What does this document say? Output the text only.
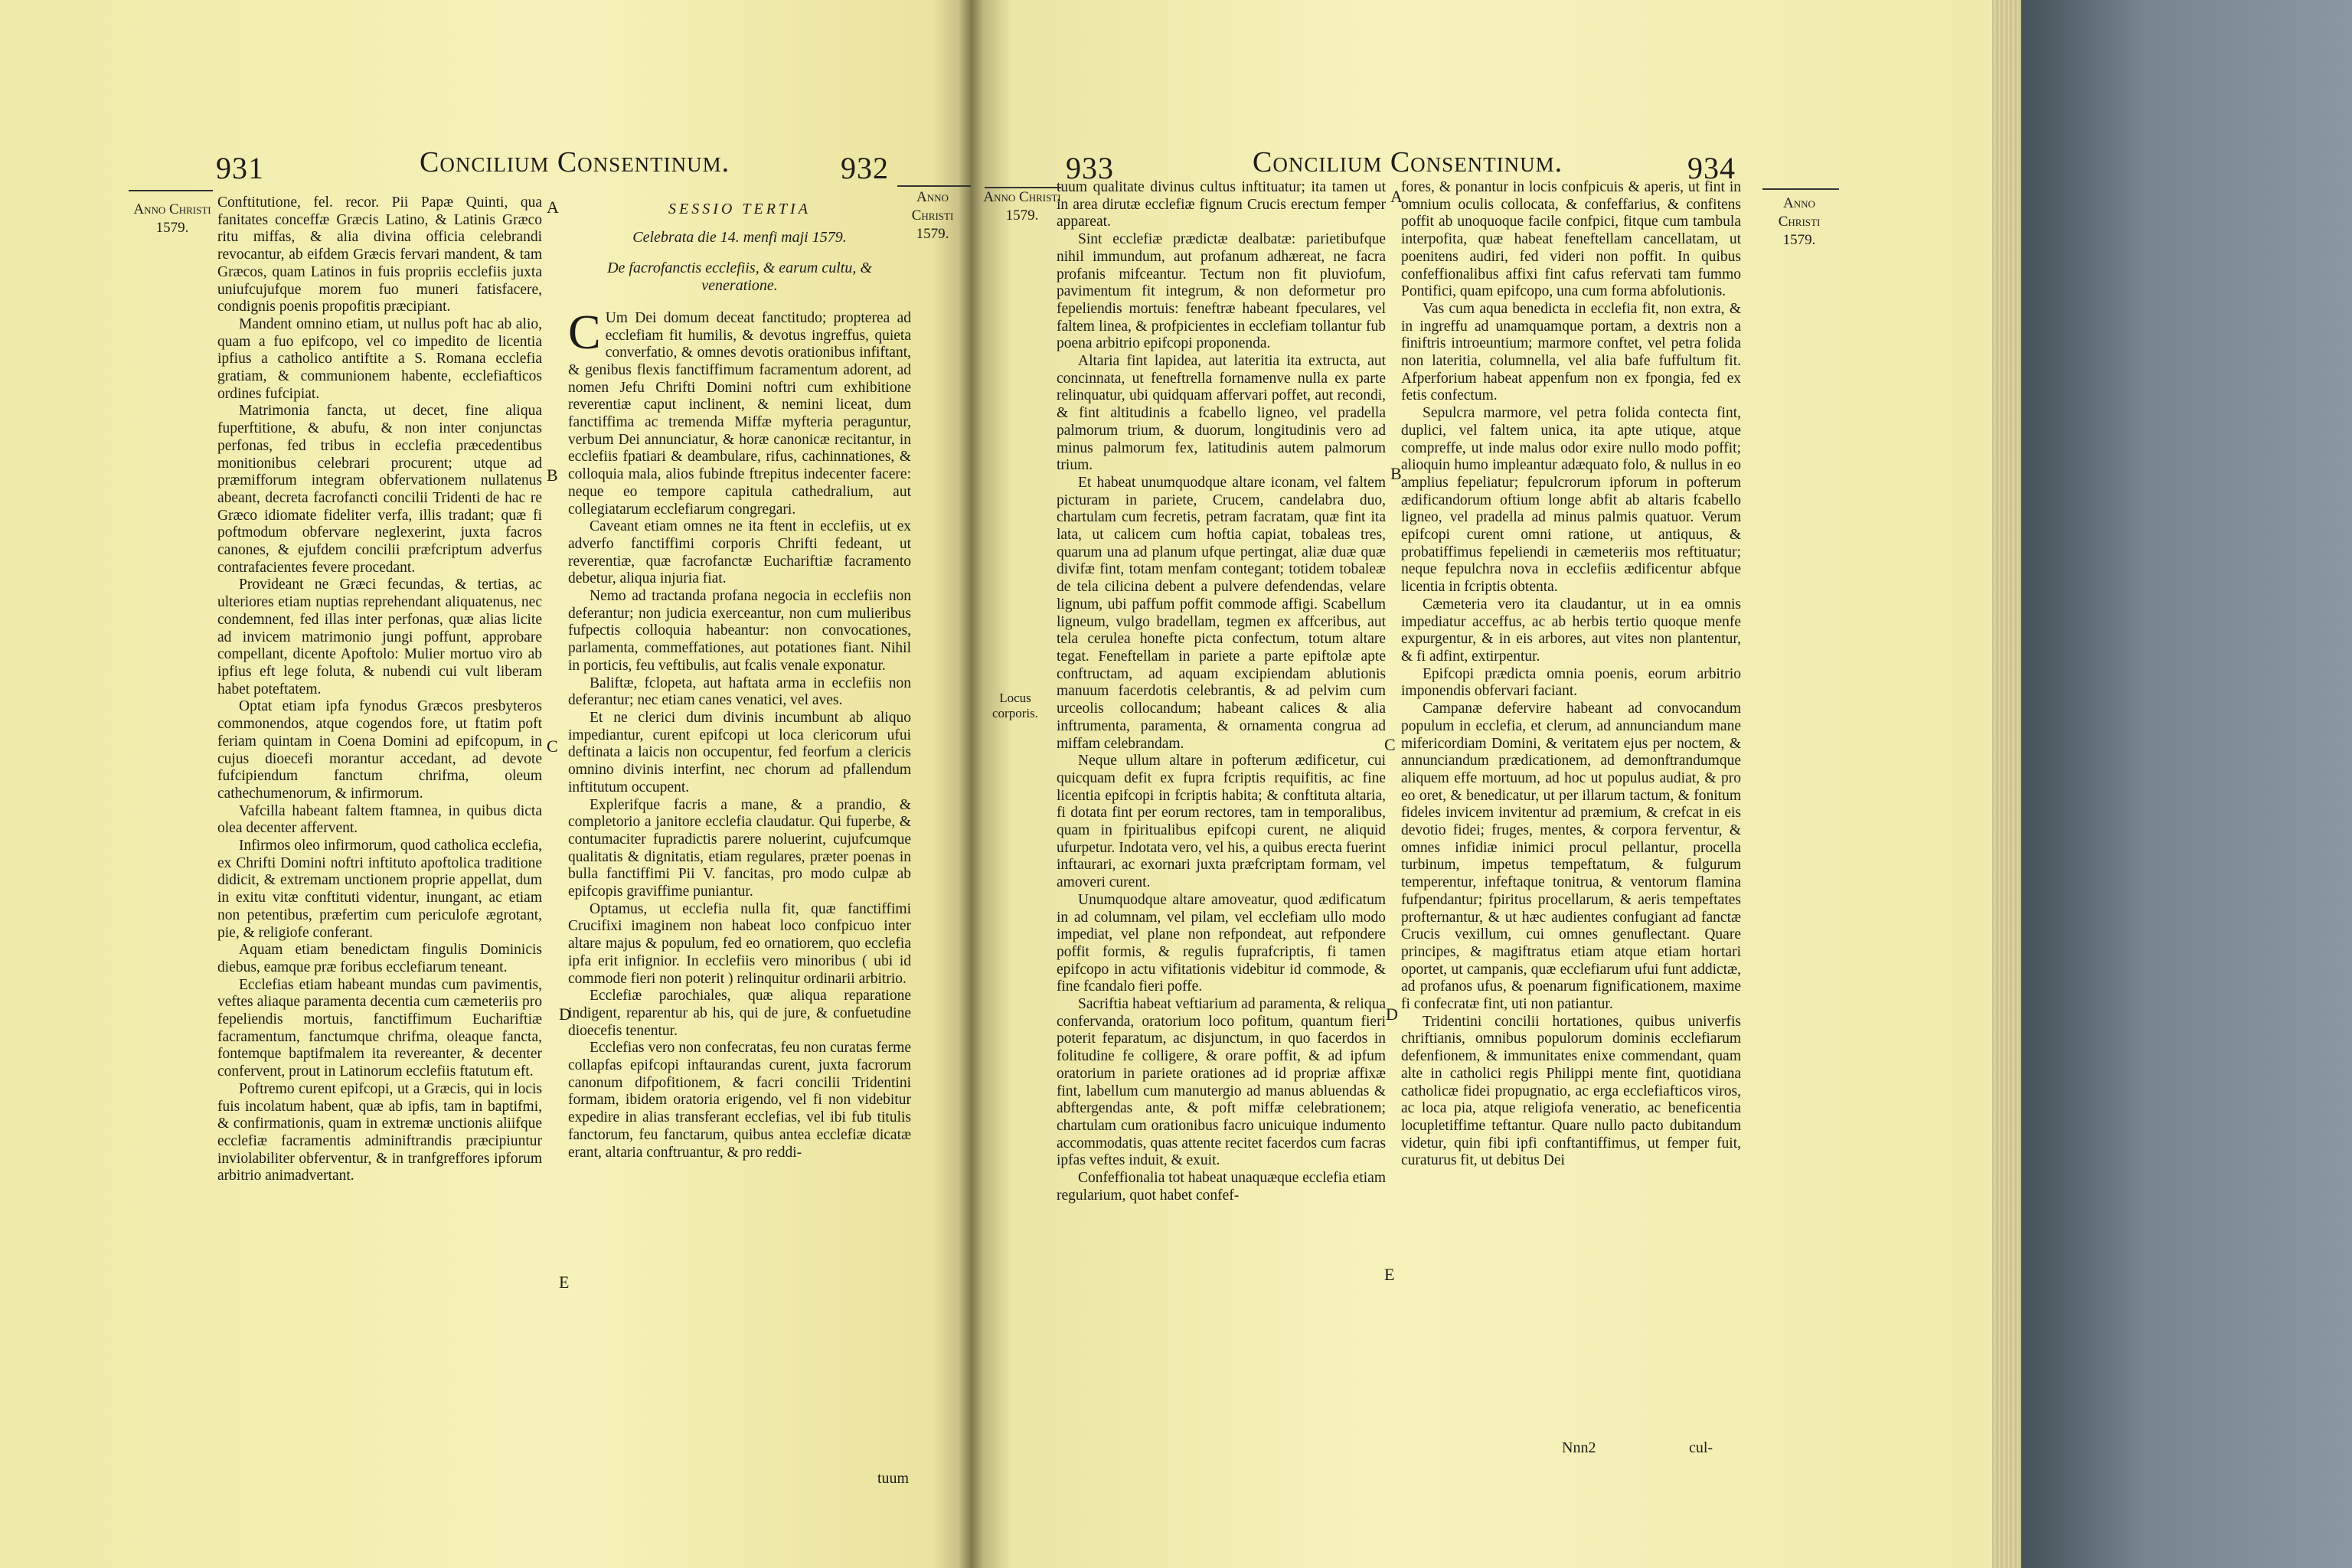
931	Concilium Consentinum.	932
Anno Christi 1579.
Anno Christi 1579.

Conftitutione, fel. recor. Pii Papæ Quinti, qua fanitates conceffæ Græcis Latino, & Latinis Græco ritu miffas, & alia divina officia celebrandi revocantur, ab eifdem Græcis fervari mandent, & tam Græcos, quam Latinos in fuis propriis ecclefiis juxta uniufcujufque morem fuo muneri fatisfacere, condignis poenis propofitis præcipiant.

Mandent omnino etiam, ut nullus poft hac ab alio, quam a fuo epifcopo, vel co impedito de licentia ipfius a catholico antiftite a S. Romana ecclefia gratiam, & communionem habente, ecclefiafticos ordines fufcipiat.

Matrimonia fancta, ut decet, fine aliqua fuperftitione, & abufu, & non inter conjunctas perfonas, fed tribus in ecclefia præcedentibus monitionibus celebrari procurent; utque ad præmifforum integram obfervationem nullatenus abeant, decreta facrofancti concilii Tridenti de hac re Græco idiomate fideliter verfa, illis tradant; quæ fi poftmodum obfervare neglexerint, juxta facros canones, & ejufdem concilii præfcriptum adverfus contrafacientes fevere procedant.

Provideant ne Græci fecundas, & tertias, ac ulteriores etiam nuptias reprehendant aliquatenus, nec condemnent, fed illas inter perfonas, quæ alias licite ad invicem matrimonio jungi poffunt, approbare compellant, dicente Apoftolo: Mulier mortuo viro ab ipfius eft lege foluta, & nubendi cui vult liberam habet poteftatem.

Optat etiam ipfa fynodus Græcos presbyteros commonendos, atque cogendos fore, ut ftatim poft feriam quintam in Coena Domini ad epifcopum, in cujus dioecefi morantur accedant, ad devote fufcipiendum fanctum chrifma, oleum cathechumenorum, & infirmorum.

Vafcilla habeant faltem ftamnea, in quibus dicta olea decenter affervent.

Infirmos oleo infirmorum, quod catholica ecclefia, ex Chrifti Domini noftri inftituto apoftolica traditione didicit, & extremam unctionem proprie appellat, dum in exitu vitæ conftituti videntur, inungant, ac etiam non petentibus, præfertim cum periculofe ægrotant, pie, & religiofe conferant.

Aquam etiam benedictam fingulis Dominicis diebus, eamque præ foribus ecclefiarum teneant.

Ecclefias etiam habeant mundas cum pavimentis, veftes aliaque paramenta decentia cum cæmeteriis pro fepeliendis mortuis, fanctiffimum Euchariftiæ facramentum, fanctumque chrifma, oleaque fancta, fontemque baptifmalem ita revereanter, & decenter confervent, prout in Latinorum ecclefiis ftatutum eft.

Poftremo curent epifcopi, ut a Græcis, qui in locis fuis incolatum habent, quæ ab ipfis, tam in baptifmi, & confirmationis, quam in extremæ unctionis aliifque ecclefiæ facramentis adminiftrandis præcipiuntur inviolabiliter obferventur, & in tranfgreffores ipforum arbitrio animadvertant.

A
B
C
D
E
SESSIO TERTIA
Celebrata die 14. menfi maji 1579.
De facrofanctis ecclefiis, & earum cultu, & veneratione.

C Um Dei domum deceat fanctitudo; propterea ad ecclefiam fit humilis, & devotus ingreffus, quieta converfatio, & omnes devotis orationibus infiftant, & genibus flexis fanctiffimum facramentum adorent, ad nomen Jefu Chrifti Domini noftri cum exhibitione reverentiæ caput inclinent, & nemini liceat, dum fanctiffima ac tremenda Miffæ myfteria peraguntur, verbum Dei annunciatur, & horæ canonicæ recitantur, in ecclefiis fpatiari & deambulare, rifus, cachinnationes, & colloquia mala, alios fubinde ftrepitus indecenter facere: neque eo tempore capitula cathedralium, aut collegiatarum ecclefiarum congregari.

Caveant etiam omnes ne ita ftent in ecclefiis, ut ex adverfo fanctiffimi corporis Chrifti fedeant, ut reverentiæ, quæ facrofanctæ Euchariftiæ facramento debetur, aliqua injuria fiat.

Nemo ad tractanda profana negocia in ecclefiis non deferantur; non judicia exerceantur, non cum mulieribus fufpectis colloquia habeantur: non convocationes, parlamenta, commeffationes, aut potationes fiant. Nihil in porticis, feu veftibulis, aut fcalis venale exponatur.

Baliftæ, fclopeta, aut haftata arma in ecclefiis non deferantur; nec etiam canes venatici, vel aves.

Et ne clerici dum divinis incumbunt ab aliquo impediantur, curent epifcopi ut loca clericorum ufui deftinata a laicis non occupentur, fed feorfum a clericis omnino divinis interfint, nec chorum ad pfallendum inftitutum occupent.

Explerifque facris a mane, & a prandio, & completorio a janitore ecclefia claudatur. Qui fuperbe, & contumaciter fupradictis parere noluerint, cujufcumque qualitatis & dignitatis, etiam regulares, præter poenas in bulla fanctiffimi Pii V. fancitas, pro modo culpæ ab epifcopis graviffime puniantur.

Optamus, ut ecclefia nulla fit, quæ fanctiffimi Crucifixi imaginem non habeat loco confpicuo inter altare majus & populum, fed eo ornatiorem, quo ecclefia ipfa erit infignior. In ecclefiis vero minoribus ( ubi id commode fieri non poterit ) relinquitur ordinarii arbitrio.

Ecclefiæ parochiales, quæ aliqua reparatione indigent, reparentur ab his, qui de jure, & confuetudine dioecefis tenentur.

Ecclefias vero non confecratas, feu non curatas ferme collapfas epifcopi inftaurandas curent, juxta facrorum canonum difpofitionem, & facri concilii Tridentini formam, ibidem oratoria erigendo, vel fi non videbitur expedire in alias transferant ecclefias, vel ibi fub titulis fanctorum, feu fanctarum, quibus antea ecclefiæ dicatæ erant, altaria conftruantur, & pro reddi-

tuum
Anno Christi 1579.
Locus corporis.
933	Concilium Consentinum.	934
Anno Christi 1579.

tuum qualitate divinus cultus inftituatur; ita tamen ut in area dirutæ ecclefiæ fignum Crucis erectum femper appareat.

Sint ecclefiæ prædictæ dealbatæ: parietibufque nihil immundum, aut profanum adhæreat, ne facra profanis mifceantur. Tectum non fit pluviofum, pavimentum fit integrum, & non deformetur pro fepeliendis mortuis: feneftræ habeant fpeculares, vel faltem linea, & profpicientes in ecclefiam tollantur fub poena arbitrio epifcopi proponenda.

Altaria fint lapidea, aut lateritia ita extructa, aut concinnata, ut feneftrella fornamenve nulla ex parte relinquatur, ubi quidquam affervari poffet, aut recondi, & fint altitudinis a fcabello ligneo, vel pradella palmorum trium, & duorum, longitudinis vero ad minus palmorum fex, latitudinis autem palmorum trium.

Et habeat unumquodque altare iconam, vel faltem picturam in pariete, Crucem, candelabra duo, chartulam cum fecretis, petram facratam, quæ fint ita lata, ut calicem cum hoftia capiat, tobaleas tres, quarum una ad planum ufque pertingat, aliæ duæ quæ divifæ fint, totam menfam contegant; totidem tobaleæ de tela cilicina debent a pulvere defendendas, velare lignum, ubi paffum poffit commode affigi. Scabellum ligneum, vulgo bradellam, tegmen ex affceribus, aut tela cerulea honefte picta confectum, totum altare tegat. Feneftellam in pariete a parte epiftolæ apte conftructam, ad aquam excipiendam ablutionis manuum facerdotis celebrantis, & ad pelvim cum urceolis collocandum; habeant calices & alia inftrumenta, paramenta, & ornamenta congrua ad miffam celebrandam.

Neque ullum altare in pofterum ædificetur, cui quicquam defit ex fupra fcriptis requifitis, ac fine licentia epifcopi in fcriptis habita; & conftituta altaria, fi dotata fint per eorum rectores, tam in temporalibus, quam in fpiritualibus epifcopi curent, ne aliquid ufurpetur. Indotata vero, vel his, a quibus erecta fuerint inftaurari, ac exornari juxta præfcriptam formam, vel amoveri curent.

Unumquodque altare amoveatur, quod ædificatum in ad columnam, vel pilam, vel ecclefiam ullo modo impediat, vel plane non refpondeat, aut refpondere poffit formis, & regulis fuprafcriptis, fi tamen epifcopo in actu vifitationis videbitur id commode, & fine fcandalo fieri poffe.

Sacriftia habeat veftiarium ad paramenta, & reliqua confervanda, oratorium loco pofitum, quantum fieri poterit feparatum, ac disjunctum, in quo facerdos in folitudine fe colligere, & orare poffit, & ad ipfum oratorium in pariete orationes ad id propriæ affixæ fint, labellum cum manutergio ad manus abluendas & abftergendas ante, & poft miffæ celebrationem; chartulam cum orationibus facro unicuique indumento accommodatis, quas attente recitet facerdos cum facras ipfas veftes induit, & exuit.

Confeffionalia tot habeat unaquæque ecclefia etiam regularium, quot habet confef-

A
B
C
D
E

fores, & ponantur in locis confpicuis & aperis, ut fint in omnium oculis collocata, & confeffarius, & confitens poffit ab unoquoque facile confpici, fitque cum tambula interpofita, quæ habeat feneftellam cancellatam, ut poenitens audiri, fed videri non poffit. In quibus confeffionalibus affixi fint cafus refervati tam fummo Pontifici, quam epifcopo, una cum forma abfolutionis.

Vas cum aqua benedicta in ecclefia fit, non extra, & in ingreffu ad unamquamque portam, a dextris non a finiftris introeuntium; marmore conftet, vel petra folida non lateritia, columnella, vel alia bafe fuffultum fit. Afperforium habeat appenfum non ex fpongia, fed ex fetis confectum.

Sepulcra marmore, vel petra folida contecta fint, duplici, vel faltem unica, ita apte utique, atque compreffe, ut inde malus odor exire nullo modo poffit; alioquin humo impleantur adæquato folo, & nullus in eo amplius fepeliatur; fepulcrorum ipforum in pofterum ædificandorum oftium longe abfit ab altaris fcabello ligneo, vel pradella ad minus palmis quatuor. Verum epifcopi curent omni ratione, ut antiquus, & probatiffimus fepeliendi in cæmeteriis mos reftituatur; neque fepulchra nova in ecclefiis ædificentur abfque licentia in fcriptis obtenta.

Cæmeteria vero ita claudantur, ut in ea omnis impediatur acceffus, ac ab herbis tertio quoque menfe expurgentur, & in eis arbores, aut vites non plantentur, & fi adfint, extirpentur.

Epifcopi prædicta omnia poenis, eorum arbitrio imponendis obfervari faciant.

Campanæ defervire habeant ad convocandum populum in ecclefia, et clerum, ad annunciandum mane mifericordiam Domini, & veritatem ejus per noctem, & annunciandum prædicationem, ad demonftrandumque aliquem effe mortuum, ad hoc ut populus audiat, & pro eo oret, & benedicatur, ut per illarum tactum, & fonitum fideles invicem invitentur ad præmium, & crefcat in eis devotio fidei; fruges, mentes, & corpora ferventur, & omnes infidiæ inimici procul pellantur, procella turbinum, impetus tempeftatum, & fulgurum temperentur, infeftaque tonitrua, & ventorum flamina fufpendantur; fpiritus procellarum, & aeris tempeftates profternantur, & ut hæc audientes confugiant ad fanctæ Crucis vexillum, cui omnes genuflectant. Quare principes, & magiftratus etiam atque etiam hortari oportet, ut campanis, quæ ecclefiarum ufui funt addictæ, ad profanos ufus, & poenarum fignificationem, maxime fi confecratæ fint, uti non patiantur.

Tridentini concilii hortationes, quibus univerfis chriftianis, omnibus populorum dominis ecclefiarum defenfionem, & immunitates enixe commendant, quam alte in catholici regis Philippi mente fint, quotidiana catholicæ fidei propugnatio, ac erga ecclefiafticos viros, ac loca pia, atque religiofa veneratio, ac beneficentia locupletiffime teftantur. Quare nullo pacto dubitandum videtur, quin fibi ipfi conftantiffimus, ut femper fuit, curaturus fit, ut debitus Dei

Nnn2	cul-
